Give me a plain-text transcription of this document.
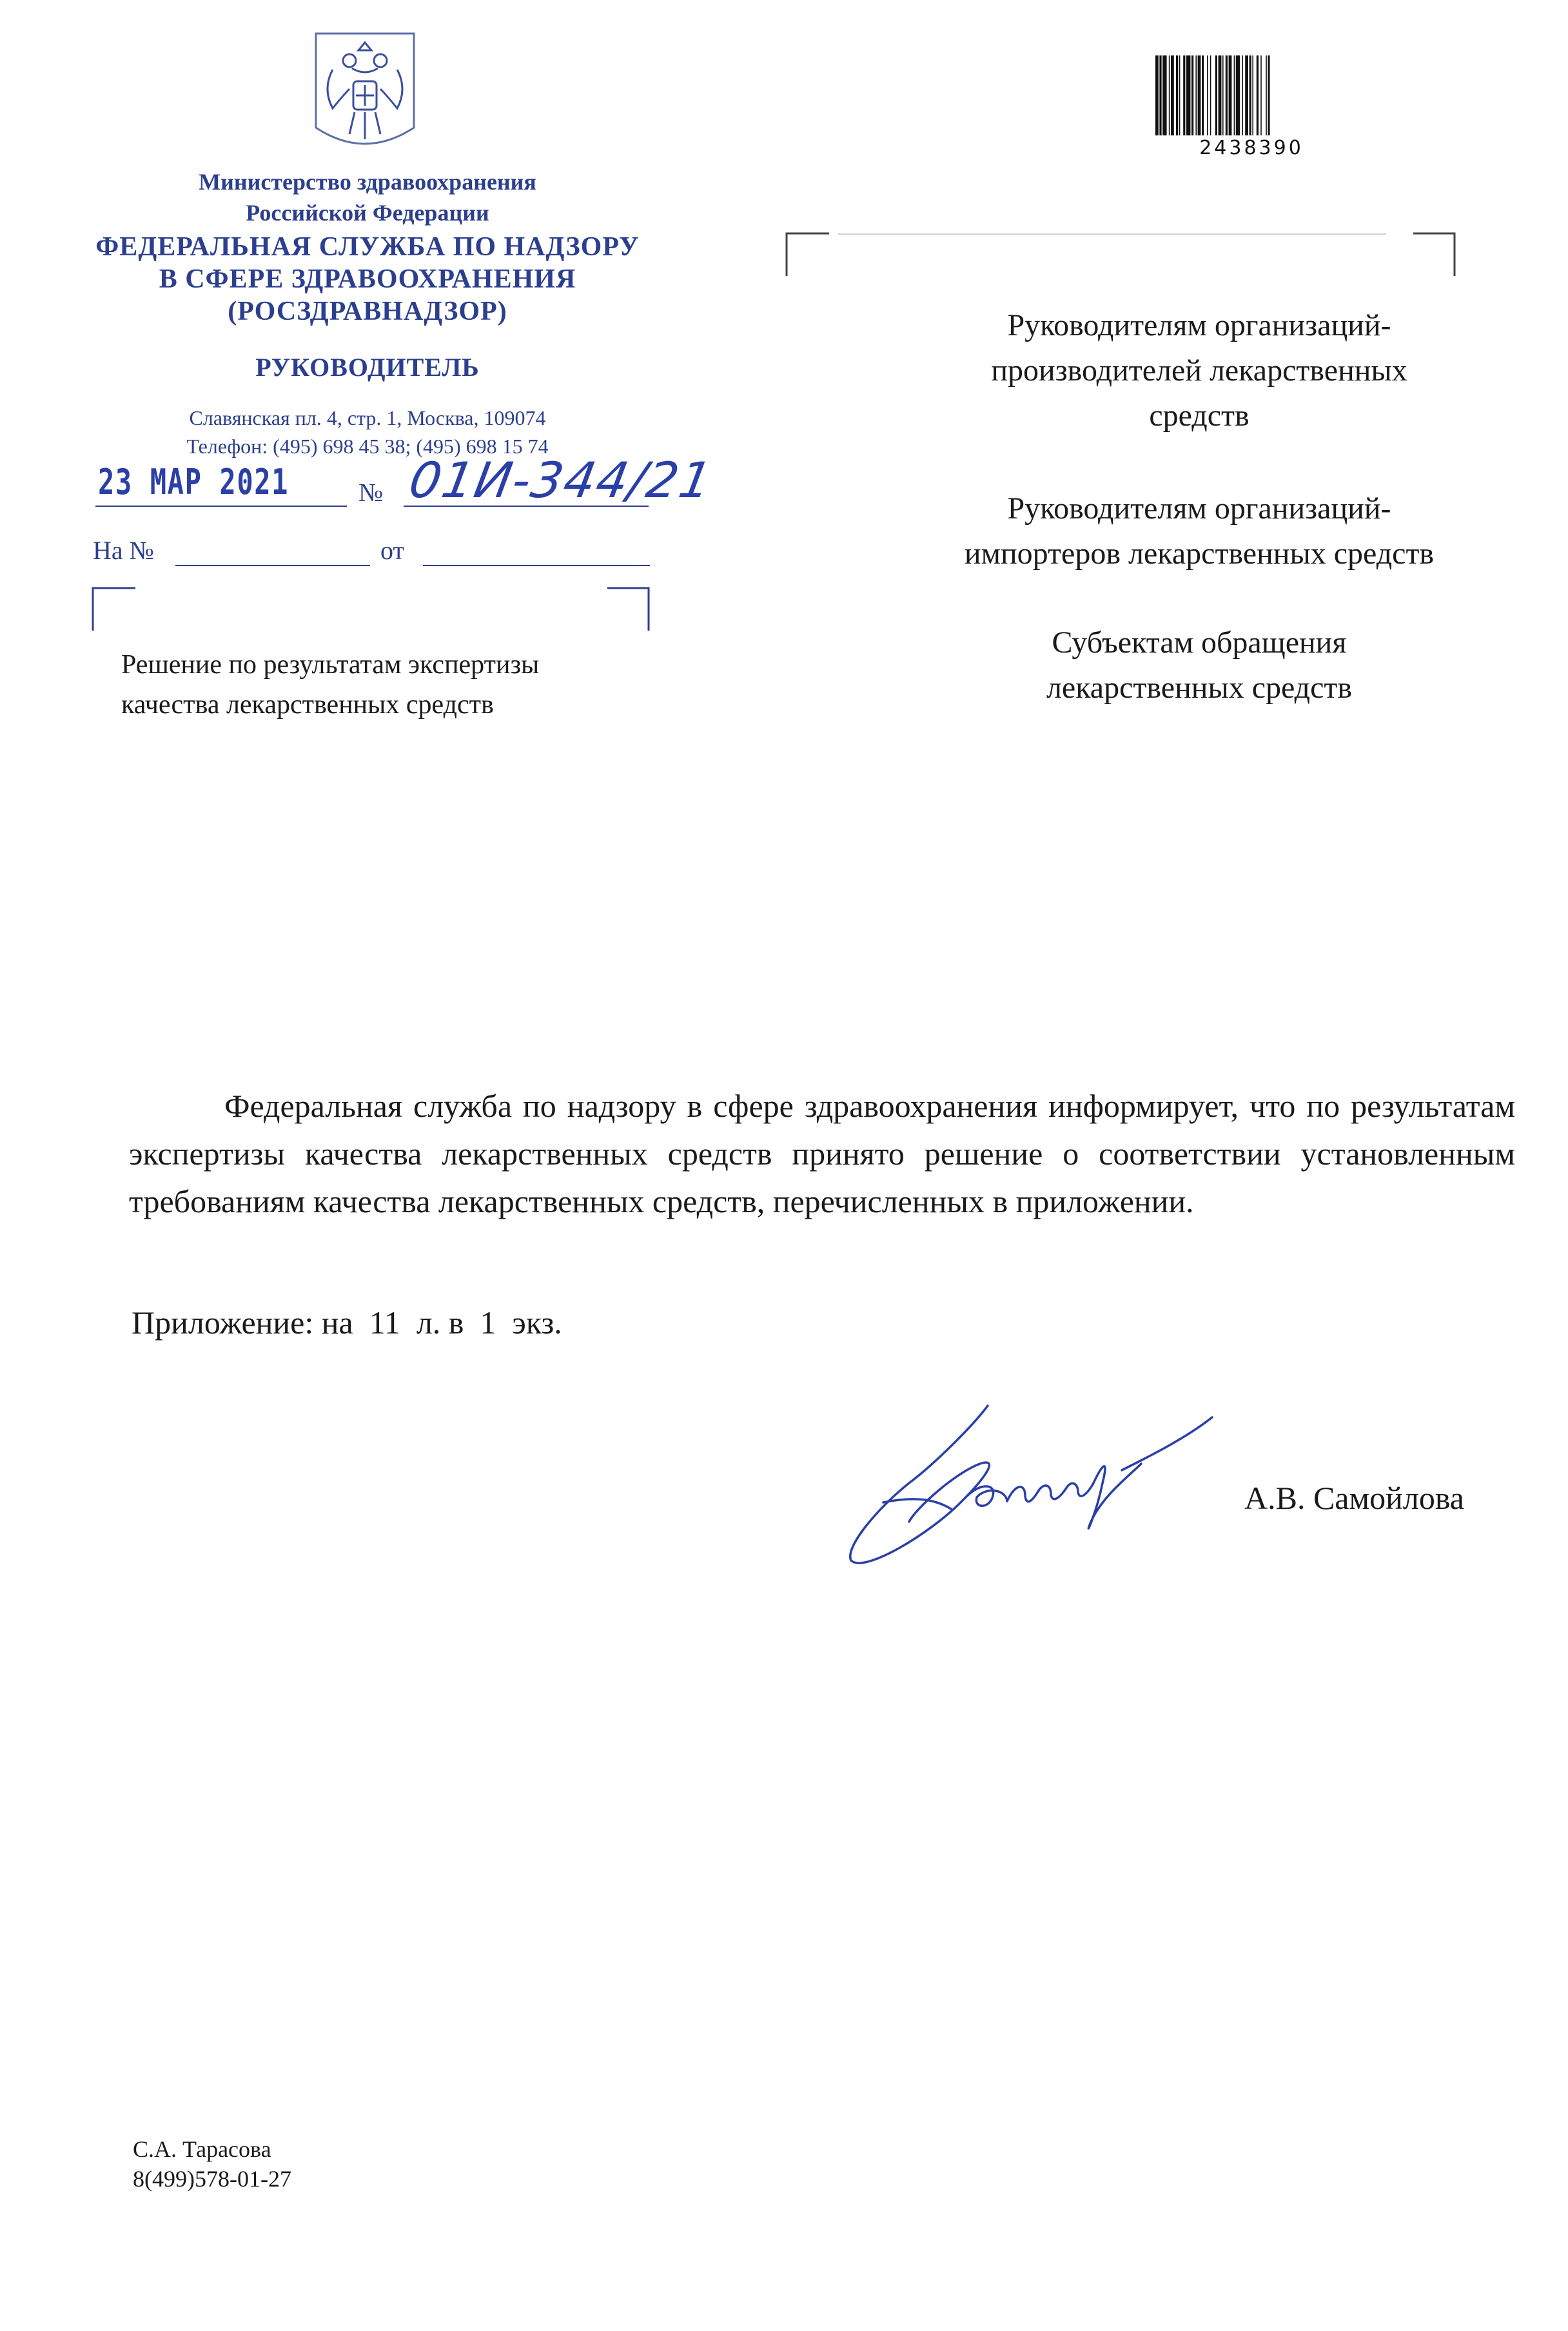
Министерство здравоохранения
Российской Федерации
ФЕДЕРАЛЬНАЯ СЛУЖБА ПО НАДЗОРУ
В СФЕРЕ ЗДРАВООХРАНЕНИЯ
(РОСЗДРАВНАДЗОР)
РУКОВОДИТЕЛЬ
Славянская пл. 4, стр. 1, Москва, 109074
Телефон: (495) 698 45 38; (495) 698 15 74
23 МАР 2021	№ 01И-344/21
На №	от
Решение по результатам экспертизы
качества лекарственных средств
2438390
Руководителям организаций-
производителей лекарственных
средств
Руководителям организаций-
импортеров лекарственных средств
Субъектам обращения
лекарственных средств
Федеральная служба по надзору в сфере здравоохранения информирует, что по результатам экспертизы качества лекарственных средств принято решение о соответствии установленным требованиям качества лекарственных средств, перечисленных в приложении.
Приложение: на  11  л. в  1  экз.
А.В. Самойлова
С.А. Тарасова
8(499)578-01-27
